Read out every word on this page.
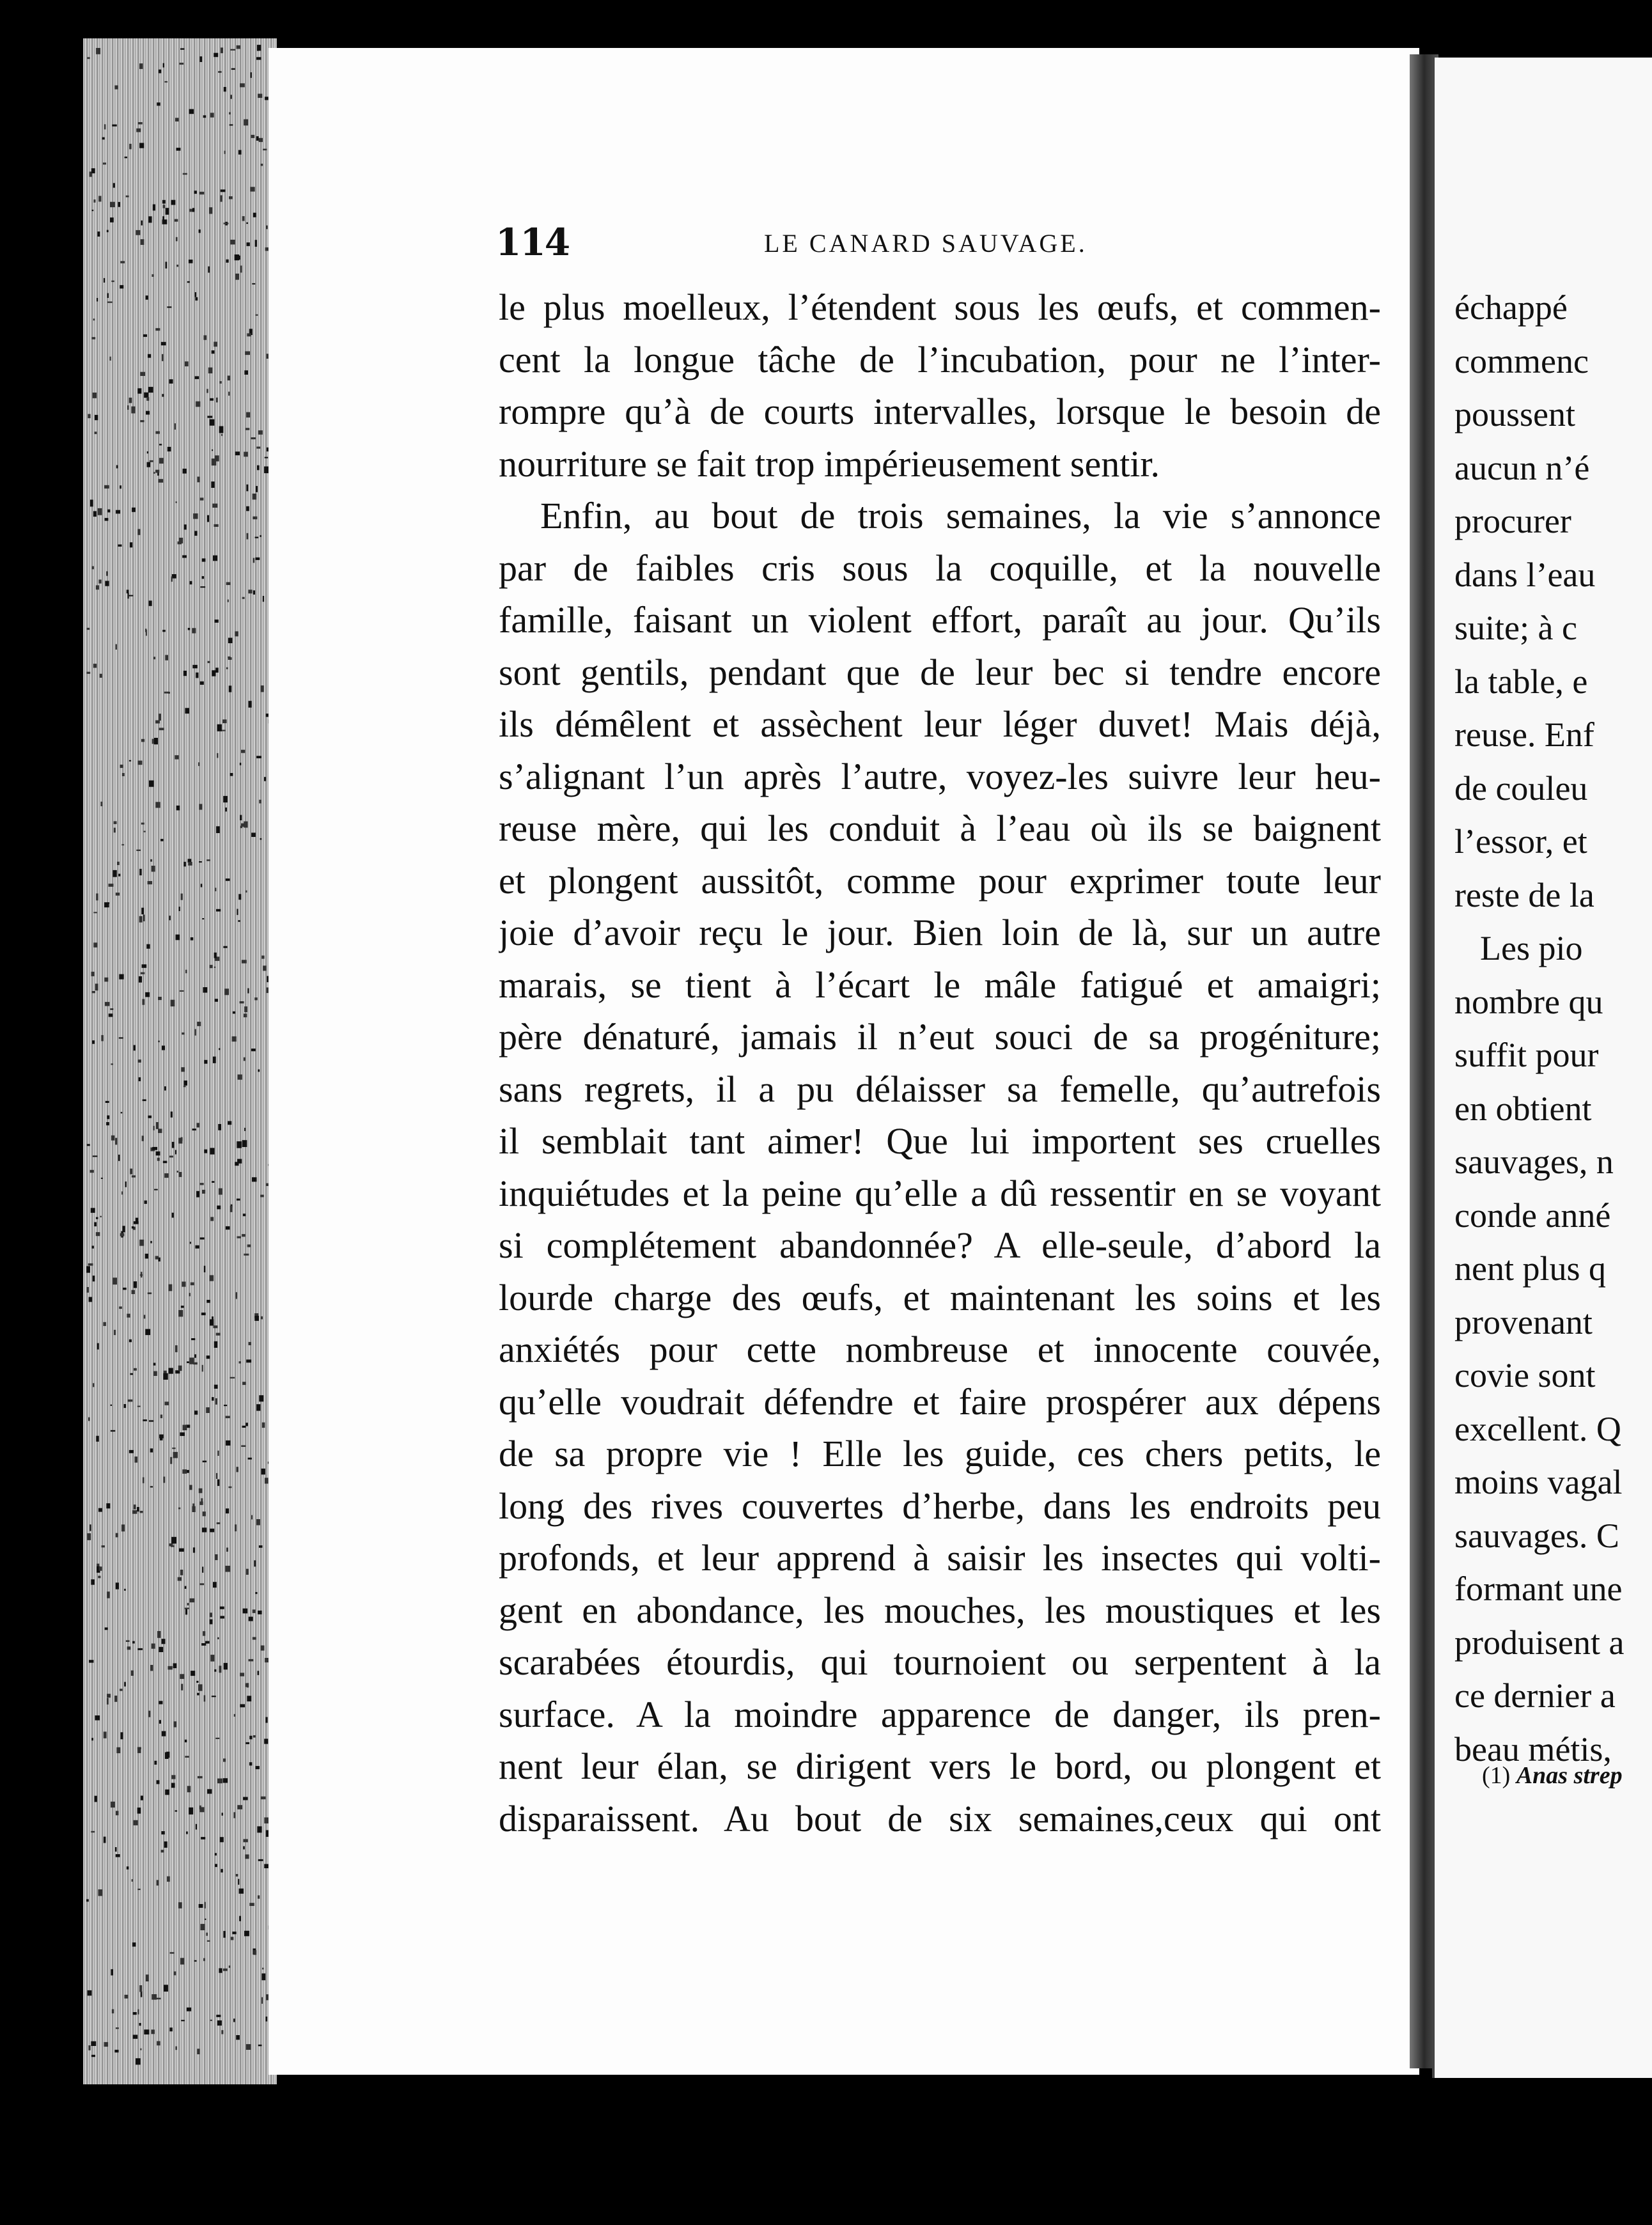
114	LE CANARD SAUVAGE.
le plus moelleux, l’étendent sous les œufs, et commen-
cent la longue tâche de l’incubation, pour ne l’inter-
rompre qu’à de courts intervalles, lorsque le besoin de
nourriture se fait trop impérieusement sentir.
Enfin, au bout de trois semaines, la vie s’annonce
par de faibles cris sous la coquille, et la nouvelle
famille, faisant un violent effort, paraît au jour. Qu’ils
sont gentils, pendant que de leur bec si tendre encore
ils démêlent et assèchent leur léger duvet! Mais déjà,
s’alignant l’un après l’autre, voyez-les suivre leur heu-
reuse mère, qui les conduit à l’eau où ils se baignent
et plongent aussitôt, comme pour exprimer toute leur
joie d’avoir reçu le jour. Bien loin de là, sur un autre
marais, se tient à l’écart le mâle fatigué et amaigri;
père dénaturé, jamais il n’eut souci de sa progéniture;
sans regrets, il a pu délaisser sa femelle, qu’autrefois
il semblait tant aimer! Que lui importent ses cruelles
inquiétudes et la peine qu’elle a dû ressentir en se voyant
si complétement abandonnée? A elle-seule, d’abord la
lourde charge des œufs, et maintenant les soins et les
anxiétés pour cette nombreuse et innocente couvée,
qu’elle voudrait défendre et faire prospérer aux dépens
de sa propre vie ! Elle les guide, ces chers petits, le
long des rives couvertes d’herbe, dans les endroits peu
profonds, et leur apprend à saisir les insectes qui volti-
gent en abondance, les mouches, les moustiques et les
scarabées étourdis, qui tournoient ou serpentent à la
surface. A la moindre apparence de danger, ils pren-
nent leur élan, se dirigent vers le bord, ou plongent et
disparaissent. Au bout de six semaines,ceux qui ont
échappé
commenc
poussent
aucun n’é
procurer
dans l’eau
suite; à c
la table, e
reuse. Enf
de couleu
l’essor, et
reste de la
Les pio
nombre qu
suffit pour
en obtient
sauvages, n
conde anné
nent plus q
provenant
covie sont
excellent. Q
moins vagal
sauvages. C
formant une
produisent a
ce dernier a
beau métis,
(1) Anas strep
